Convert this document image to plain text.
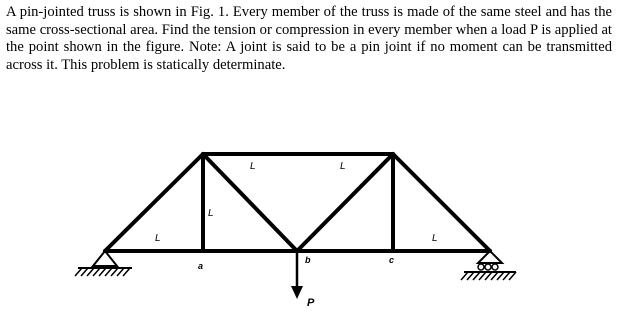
A pin-jointed truss is shown in Fig. 1. Every member of the truss is made of the same steel and has the same cross-sectional area. Find the tension or compression in every member when a load P is applied at the point shown in the figure. Note: A joint is said to be a pin joint if no moment can be transmitted across it. This problem is statically determinate.

L	L
L
L	L
a
b	c
P
